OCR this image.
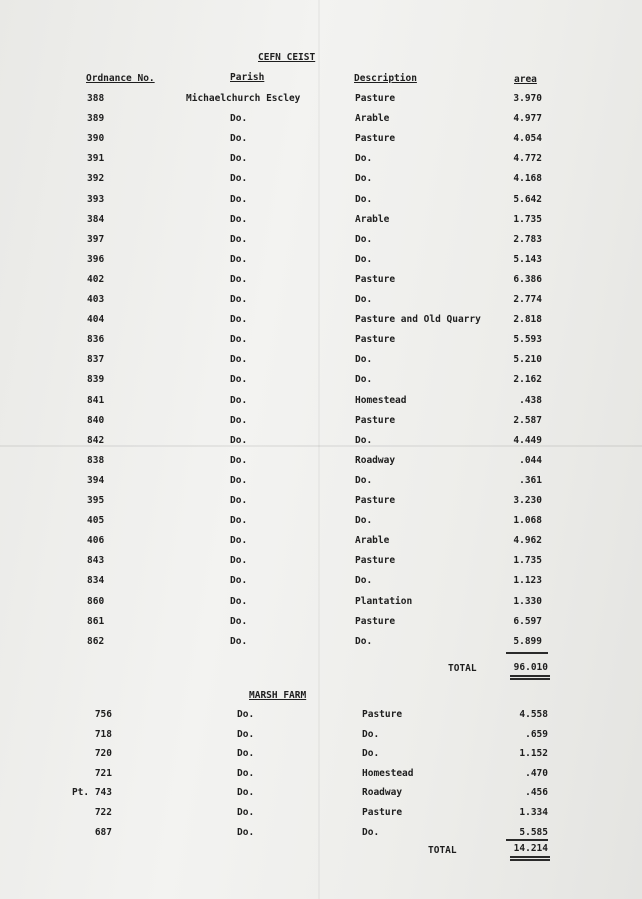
CEFN CEIST
Ordnance No.	Parish	Description	area
388	Michaelchurch Escley	Pasture	3.970
389	Do.	Arable	4.977
390	Do.	Pasture	4.054
391	Do.	Do.	4.772
392	Do.	Do.	4.168
393	Do.	Do.	5.642
384	Do.	Arable	1.735
397	Do.	Do.	2.783
396	Do.	Do.	5.143
402	Do.	Pasture	6.386
403	Do.	Do.	2.774
404	Do.	Pasture and Old Quarry	2.818
836	Do.	Pasture	5.593
837	Do.	Do.	5.210
839	Do.	Do.	2.162
841	Do.	Homestead	.438
840	Do.	Pasture	2.587
842	Do.	Do.	4.449
838	Do.	Roadway	.044
394	Do.	Do.	.361
395	Do.	Pasture	3.230
405	Do.	Do.	1.068
406	Do.	Arable	4.962
843	Do.	Pasture	1.735
834	Do.	Do.	1.123
860	Do.	Plantation	1.330
861	Do.	Pasture	6.597
862	Do.	Do.	5.899
TOTAL	96.010
MARSH FARM
756	Do.	Pasture	4.558
718	Do.	Do.	.659
720	Do.	Do.	1.152
721	Do.	Homestead	.470
Pt. 743	Do.	Roadway	.456
722	Do.	Pasture	1.334
687	Do.	Do.	5.585
TOTAL	14.214
